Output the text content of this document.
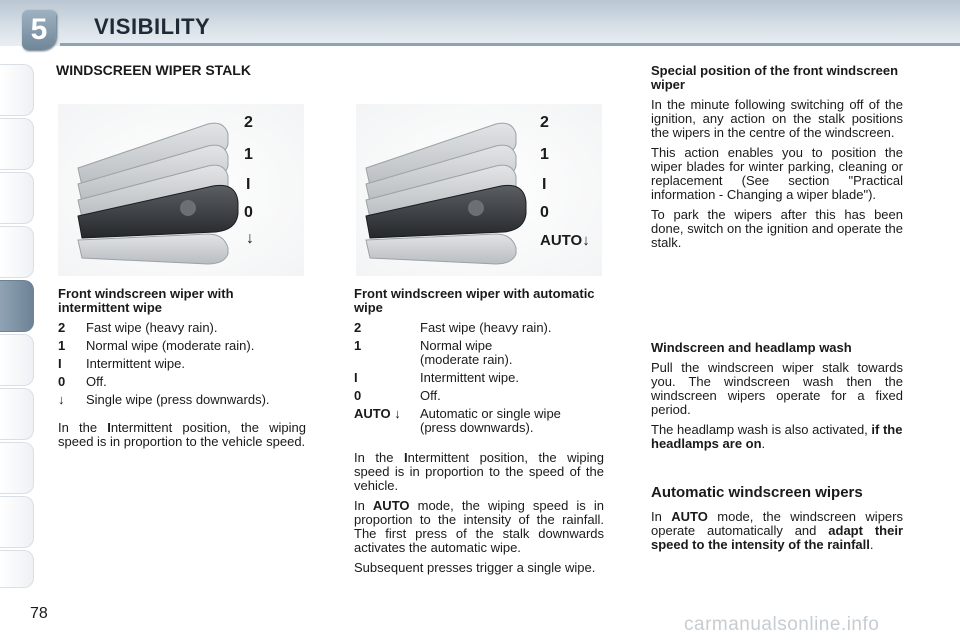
5	VISIBILITY
WINDSCREEN WIPER STALK
2
1
I
0
↓
2
1
I
0
AUTO↓

Front windscreen wiper with intermittent wipe

2	Fast wipe (heavy rain).
1	Normal wipe (moderate rain).
I	Intermittent wipe.
0	Off.
↓	Single wipe (press downwards).

In the Intermittent position, the wiping speed is in proportion to the vehicle speed.

Front windscreen wiper with automatic wipe

2	Fast wipe (heavy rain).
1	Normal wipe (moderate rain).
I	Intermittent wipe.
0	Off.
AUTO ↓	Automatic or single wipe (press downwards).

In the Intermittent position, the wiping speed is in proportion to the speed of the vehicle.

In AUTO mode, the wiping speed is in proportion to the intensity of the rainfall. The first press of the stalk downwards activates the automatic wipe.

Subsequent presses trigger a single wipe.

Special position of the front windscreen wiper

In the minute following switching off of the ignition, any action on the stalk positions the wipers in the centre of the windscreen.

This action enables you to position the wiper blades for winter parking, cleaning or replacement (See section "Practical information - Changing a wiper blade").

To park the wipers after this has been done, switch on the ignition and operate the stalk.

Windscreen and headlamp wash

Pull the windscreen wiper stalk towards you. The windscreen wash then the windscreen wipers operate for a fixed period.

The headlamp wash is also activated, if the headlamps are on.

Automatic windscreen wipers

In AUTO mode, the windscreen wipers operate automatically and adapt their speed to the intensity of the rainfall.

78
carmanualsonline.info
